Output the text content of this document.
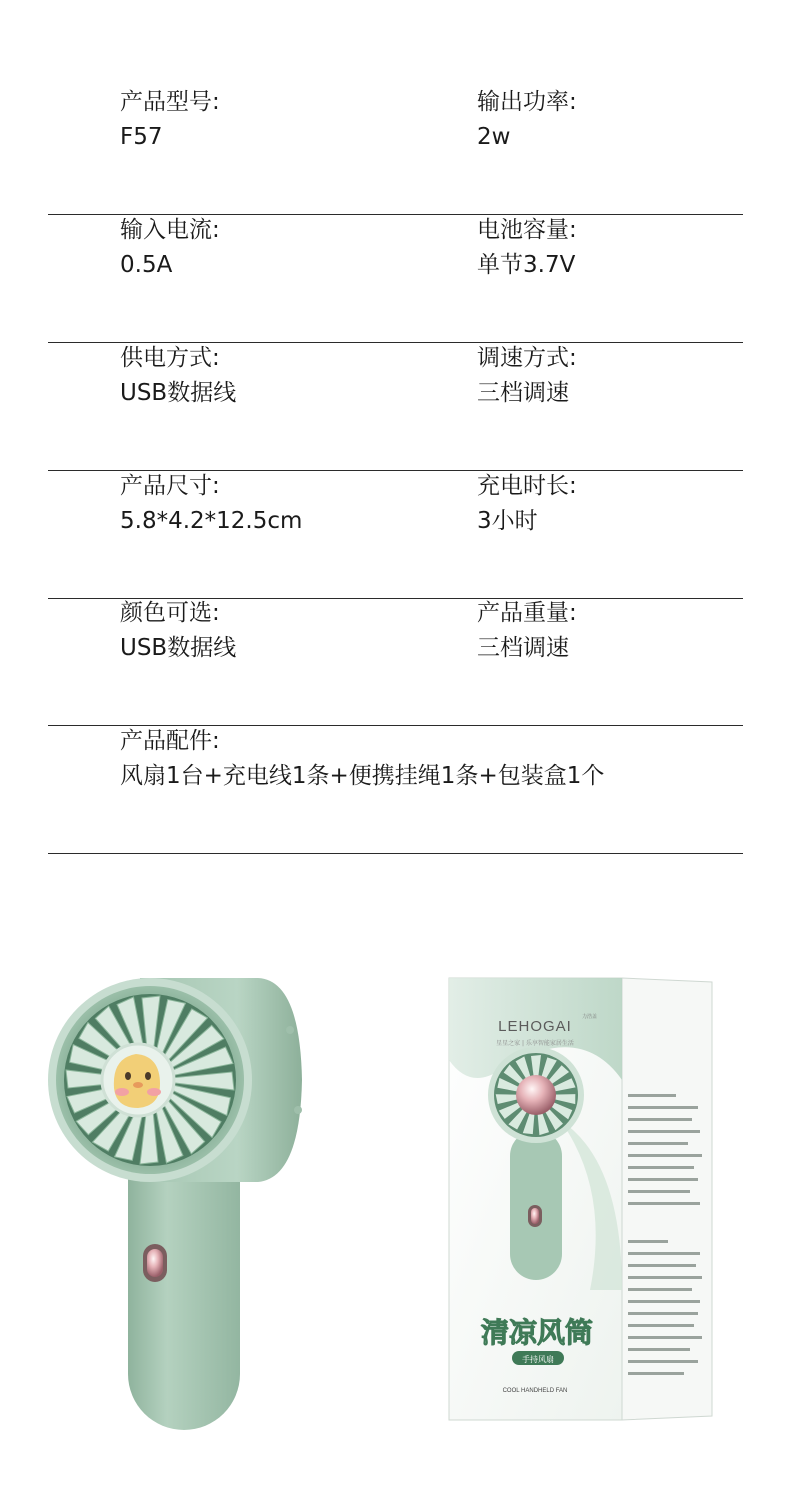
产品型号:
F57
输出功率:
2w
输入电流:
0.5A
电池容量:
单节3.7V
供电方式:
USB数据线
调速方式:
三档调速
产品尺寸:
5.8*4.2*12.5cm
充电时长:
3小时
颜色可选:
USB数据线
产品重量:
三档调速
产品配件:
风扇1台+充电线1条+便携挂绳1条+包装盒1个
LEHOGAI
力浩盖
星星之家 | 乐享智能家居生活
清凉风筒
手持风扇
COOL HANDHELD FAN
